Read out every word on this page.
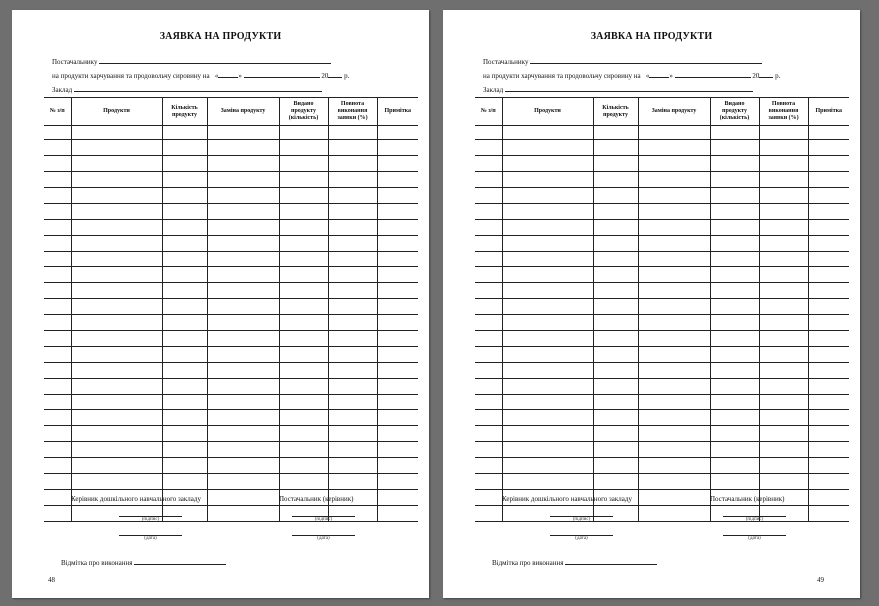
ЗАЯВКА НА ПРОДУКТИ
Постачальнику
на продукти харчування та продовольчу сировину на «	»	20 р.
Заклад
№ з/п	Продукти	Кількість продукту	Заміна продукту	Видано продукту (кількість)	Повнота виконання заявки (%)	Примітка

Керівник дошкільного навчального закладу	Постачальник (керівник)
(підпис)
(дата)
(підпис)
(дата)
Відмітка про виконання
48
ЗАЯВКА НА ПРОДУКТИ
Постачальнику
на продукти харчування та продовольчу сировину на «	»	20 р.
Заклад
№ з/п	Продукти	Кількість продукту	Заміна продукту	Видано продукту (кількість)	Повнота виконання заявки (%)	Примітка

Керівник дошкільного навчального закладу	Постачальник (керівник)
(підпис)
(дата)
(підпис)
(дата)
Відмітка про виконання
49
